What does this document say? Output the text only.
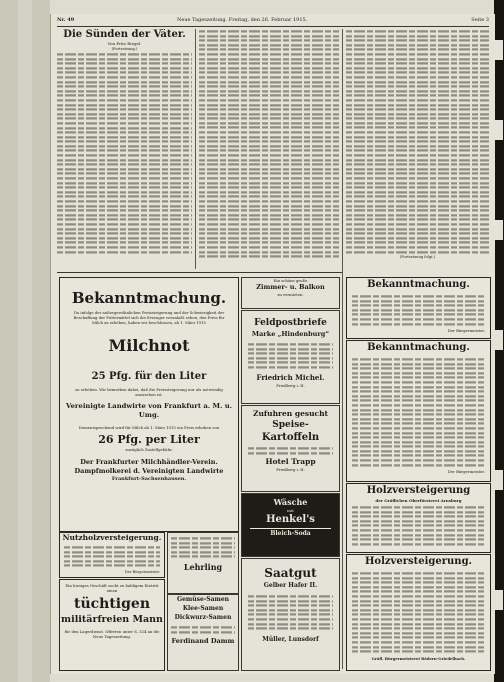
Nr. 49	Neue Tageszeitung. Freitag, den 26. Februar 1915.	Seite 3
Die Sünden der Väter.
Von Fritz Riegel.
(Fortsetzung.)
(Fortsetzung folgt.)
Bekanntmachung.
Da infolge der außergewöhnlichen Preissteigerung und der Schwierigkeit der Beschaffung der Futtermittel sich die Erzeuger veranlaßt sehen, den Preis für Milch zu erhöhen, haben wir beschlossen, ab 1. März 1915
Milchnot
25 Pfg. für den Liter
zu erhöhen. Wir bemerken dabei, daß die Preissteigerung nur als notwendig anzusehen ist.
Vereinigte Landwirte von Frankfurt a. M. u. Umg.
Dementsprechend wird für Milch ab 1. März 1915 ein Preis erhoben von
26 Pfg. per Liter
zuzüglich Zustellgebühr.
Der Frankfurter Milchhändler-Verein.
Dampfmolkerei d. Vereinigten Landwirte
Frankfurt-Sachsenhausen.
Nutzholzversteigerung.
Der Bürgermeister.
Ein hiesiges Geschäft sucht zu baldigem Eintritt einen
tüchtigen
militärfreien Mann
für den Lagerdienst. Offerten unter S. 324 an die Neue Tageszeitung.
Lehrling
Gemüse-Samen
Klee-Samen
Dickwurz-Samen
Ferdinand Damm
Ein schöne große
Zimmer- u. Balkon
zu vermieten.
Feldpostbriefe
Marke „Hindenburg“
Friedrich Michel.
Friedberg i. H.
Zufuhren gesucht
Speise-
Kartoffeln
Hotel Trapp
Friedberg i. H.
Wäsche
mit
Henkel's
Bleich-Soda
Saatgut
Gelber Hafer II.
Müller, Lunsdorf
Bekanntmachung.
Der Bürgermeister.
Bekanntmachung.
Der Bürgermeister.
Holzversteigerung
der Gräflichen Oberförsterei Arnsburg
Holzversteigerung.
Gräfl. Bürgermeisterei Rödern-Griedelbach.
